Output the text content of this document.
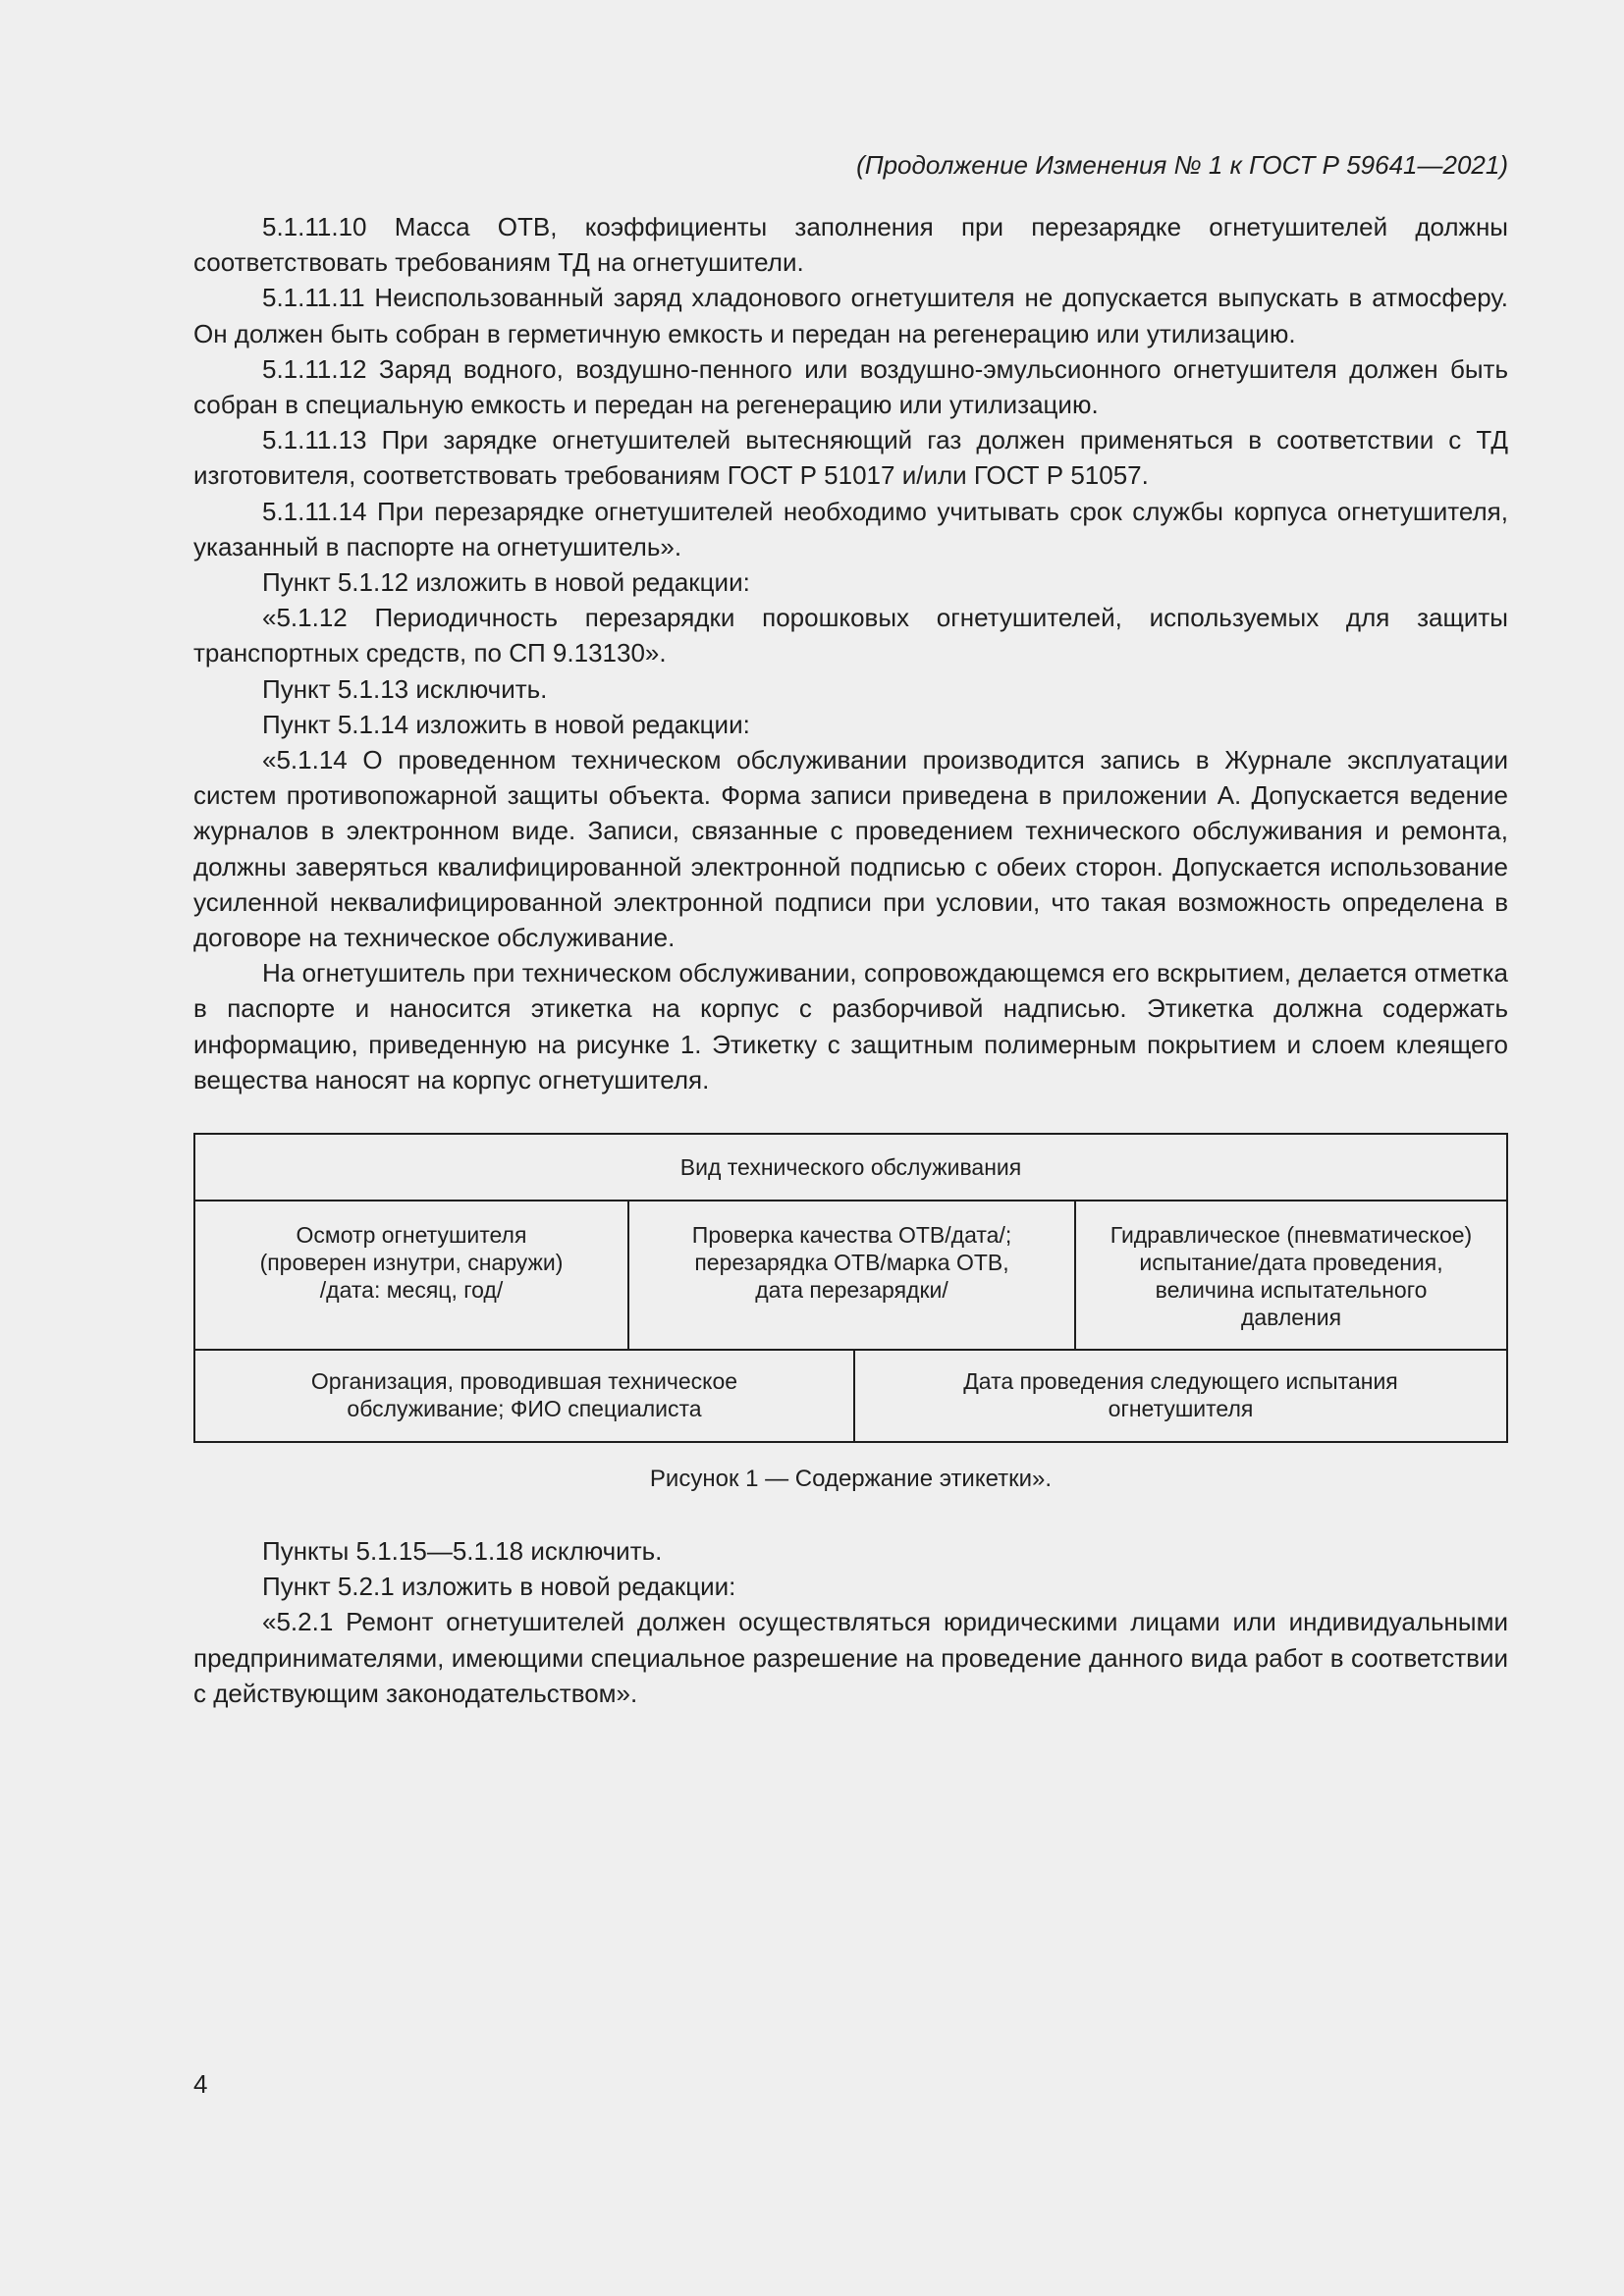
(Продолжение Изменения № 1 к ГОСТ Р 59641—2021)

5.1.11.10 Масса ОТВ, коэффициенты заполнения при перезарядке огнетушителей должны соответствовать требованиям ТД на огнетушители.

5.1.11.11 Неиспользованный заряд хладонового огнетушителя не допускается выпускать в атмосферу. Он должен быть собран в герметичную емкость и передан на регенерацию или утилизацию.

5.1.11.12 Заряд водного, воздушно-пенного или воздушно-эмульсионного огнетушителя должен быть собран в специальную емкость и передан на регенерацию или утилизацию.

5.1.11.13 При зарядке огнетушителей вытесняющий газ должен применяться в соответствии с ТД изготовителя, соответствовать требованиям ГОСТ Р 51017 и/или ГОСТ Р 51057.

5.1.11.14 При перезарядке огнетушителей необходимо учитывать срок службы корпуса огнетушителя, указанный в паспорте на огнетушитель».

Пункт 5.1.12 изложить в новой редакции:

«5.1.12 Периодичность перезарядки порошковых огнетушителей, используемых для защиты транспортных средств, по СП 9.13130».

Пункт 5.1.13 исключить.

Пункт 5.1.14 изложить в новой редакции:

«5.1.14 О проведенном техническом обслуживании производится запись в Журнале эксплуатации систем противопожарной защиты объекта. Форма записи приведена в приложении А. Допускается ведение журналов в электронном виде. Записи, связанные с проведением технического обслуживания и ремонта, должны заверяться квалифицированной электронной подписью с обеих сторон. Допускается использование усиленной неквалифицированной электронной подписи при условии, что такая возможность определена в договоре на техническое обслуживание.

На огнетушитель при техническом обслуживании, сопровождающемся его вскрытием, делается отметка в паспорте и наносится этикетка на корпус с разборчивой надписью. Этикетка должна содержать информацию, приведенную на рисунке 1. Этикетку с защитным полимерным покрытием и слоем клеящего вещества наносят на корпус огнетушителя.

Вид технического обслуживания
Осмотр огнетушителя
(проверен изнутри, снаружи)
/дата: месяц, год/
Проверка качества ОТВ/дата/;
перезарядка ОТВ/марка ОТВ,
дата перезарядки/
Гидравлическое (пневматическое)
испытание/дата проведения,
величина испытательного
давления
Организация, проводившая техническое
обслуживание; ФИО специалиста
Дата проведения следующего испытания
огнетушителя
Рисунок 1 — Содержание этикетки».

Пункты 5.1.15—5.1.18 исключить.

Пункт 5.2.1 изложить в новой редакции:

«5.2.1 Ремонт огнетушителей должен осуществляться юридическими лицами или индивидуальными предпринимателями, имеющими специальное разрешение на проведение данного вида работ в соответствии с действующим законодательством».

4
